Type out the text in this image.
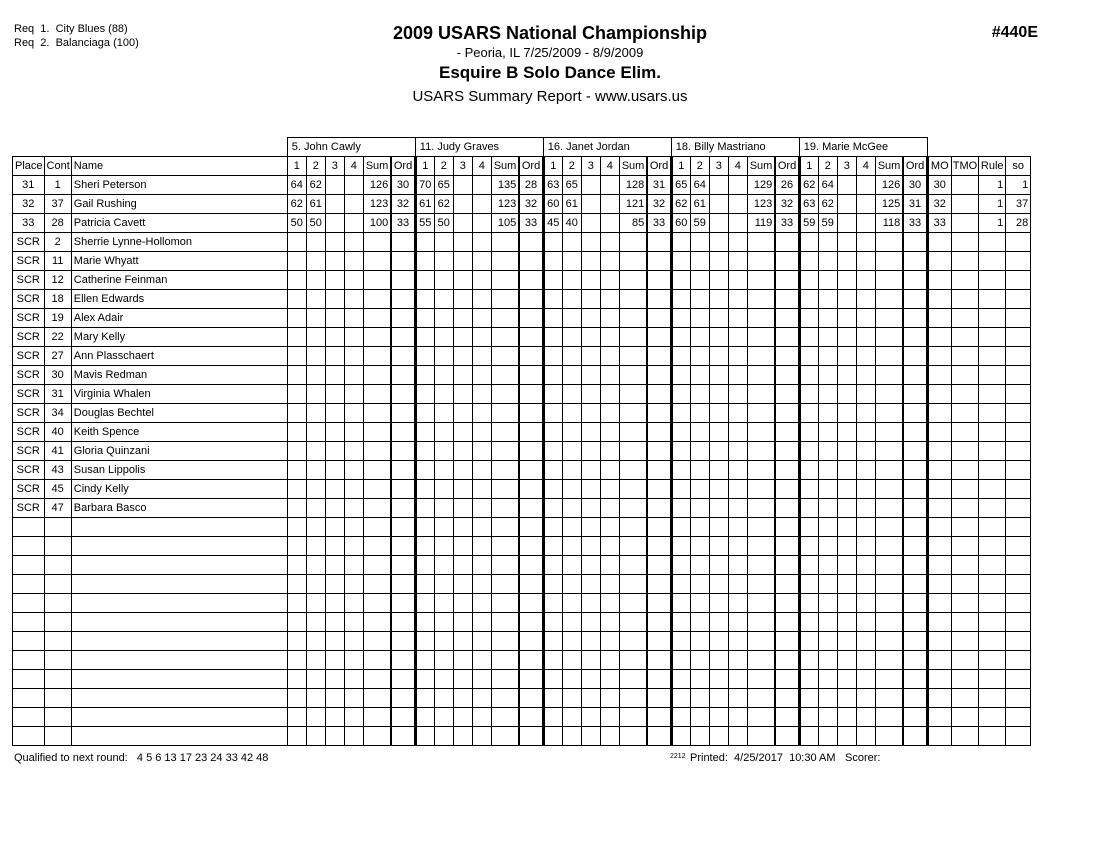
Req  1.  City Blues (88)
Req  2.  Balanciaga (100)	2009 USARS National Championship
- Peoria, IL 7/25/2009 - 8/9/2009
Esquire B Solo Dance Elim.
USARS Summary Report - www.usars.us
#440E
			5. John Cawly						11. Judy Graves						16. Janet Jordan						18. Billy Mastriano						19. Marie McGee									
Place	Cont	Name	1	2	3	4	Sum	Ord	1	2	3	4	Sum	Ord	1	2	3	4	Sum	Ord	1	2	3	4	Sum	Ord	1	2	3	4	Sum	Ord	MO	TMO	Rule	so
31	1	Sheri Peterson	64	62			126	30	70	65			135	28	63	65			128	31	65	64			129	26	62	64			126	30	30		1	1
32	37	Gail Rushing	62	61			123	32	61	62			123	32	60	61			121	32	62	61			123	32	63	62			125	31	32		1	37
33	28	Patricia Cavett	50	50			100	33	55	50			105	33	45	40			85	33	60	59			119	33	59	59			118	33	33		1	28
SCR	2	Sherrie Lynne-Hollomon																																		
SCR	11	Marie Whyatt																																		
SCR	12	Catherine Feinman																																		
SCR	18	Ellen Edwards																																		
SCR	19	Alex Adair																																		
SCR	22	Mary Kelly																																		
SCR	27	Ann Plasschaert																																		
SCR	30	Mavis Redman																																		
SCR	31	Virginia Whalen																																		
SCR	34	Douglas Bechtel																																		
SCR	40	Keith Spence																																		
SCR	41	Gloria Quinzani																																		
SCR	43	Susan Lippolis																																		
SCR	45	Cindy Kelly																																		
SCR	47	Barbara Basco																																		

Qualified to next round:   4 5 6 13 17 23 24 33 42 48	2212 Printed:  4/25/2017  10:30 AM Scorer:
